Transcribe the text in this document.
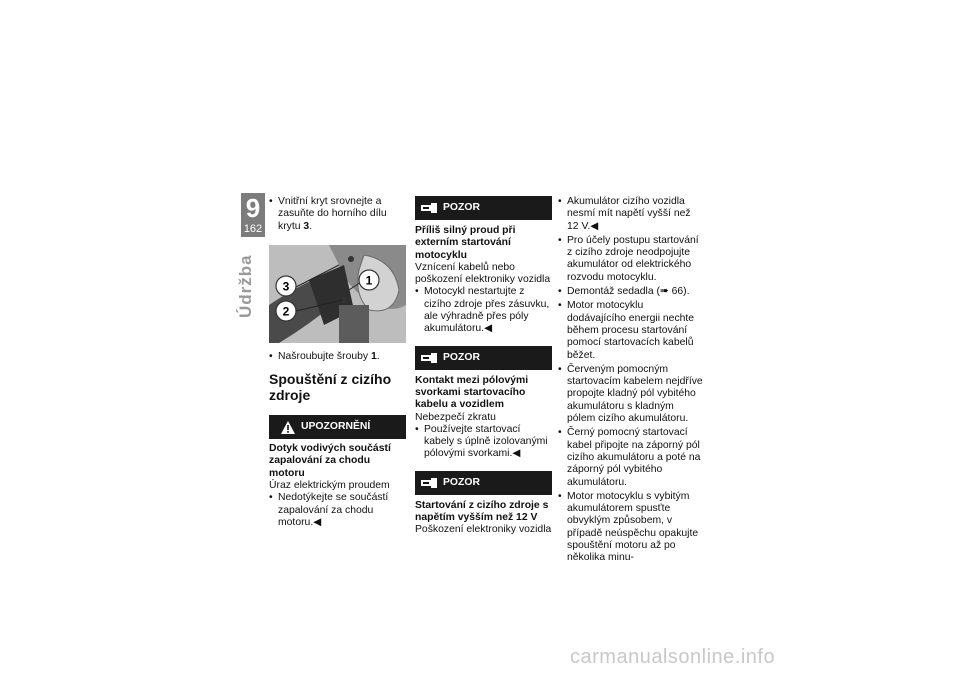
9
162
Údržba

• Vnitřní kryt srovnejte a zasuňte do horního dílu krytu 3.

1
2
3

• Našroubujte šrouby 1.

Spouštění z cizího zdroje
UPOZORNĚNÍ

Dotyk vodivých součástí zapalování za chodu motoru

Úraz elektrickým proudem

• Nedotýkejte se součástí zapalování za chodu motoru.◀

POZOR

Příliš silný proud při externím startování motocyklu

Vznícení kabelů nebo poškození elektroniky vozidla

• Motocykl nestartujte z cizího zdroje přes zásuvku, ale výhradně přes póly akumulátoru.◀

POZOR

Kontakt mezi pólovými svorkami startovacího kabelu a vozidlem

Nebezpečí zkratu

• Používejte startovací kabely s úplně izolovanými pólovými svorkami.◀

POZOR

Startování z cizího zdroje s napětím vyšším než 12 V

Poškození elektroniky vozidla

• Akumulátor cizího vozidla nesmí mít napětí vyšší než 12 V.◀

• Pro účely postupu startování z cizího zdroje neodpojujte akumulátor od elektrického rozvodu motocyklu.

• Demontáž sedadla (➠ 66).

• Motor motocyklu dodávajícího energii nechte během procesu startování pomocí startovacích kabelů běžet.

• Červeným pomocným startovacím kabelem nejdříve propojte kladný pól vybitého akumulátoru s kladným pólem cizího akumulátoru.

• Černý pomocný startovací kabel připojte na záporný pól cizího akumulátoru a poté na záporný pól vybitého akumulátoru.

• Motor motocyklu s vybitým akumulátorem spusťte obvyklým způsobem, v případě neúspěchu opakujte spouštění motoru až po několika minu-

carmanualsonline.info
